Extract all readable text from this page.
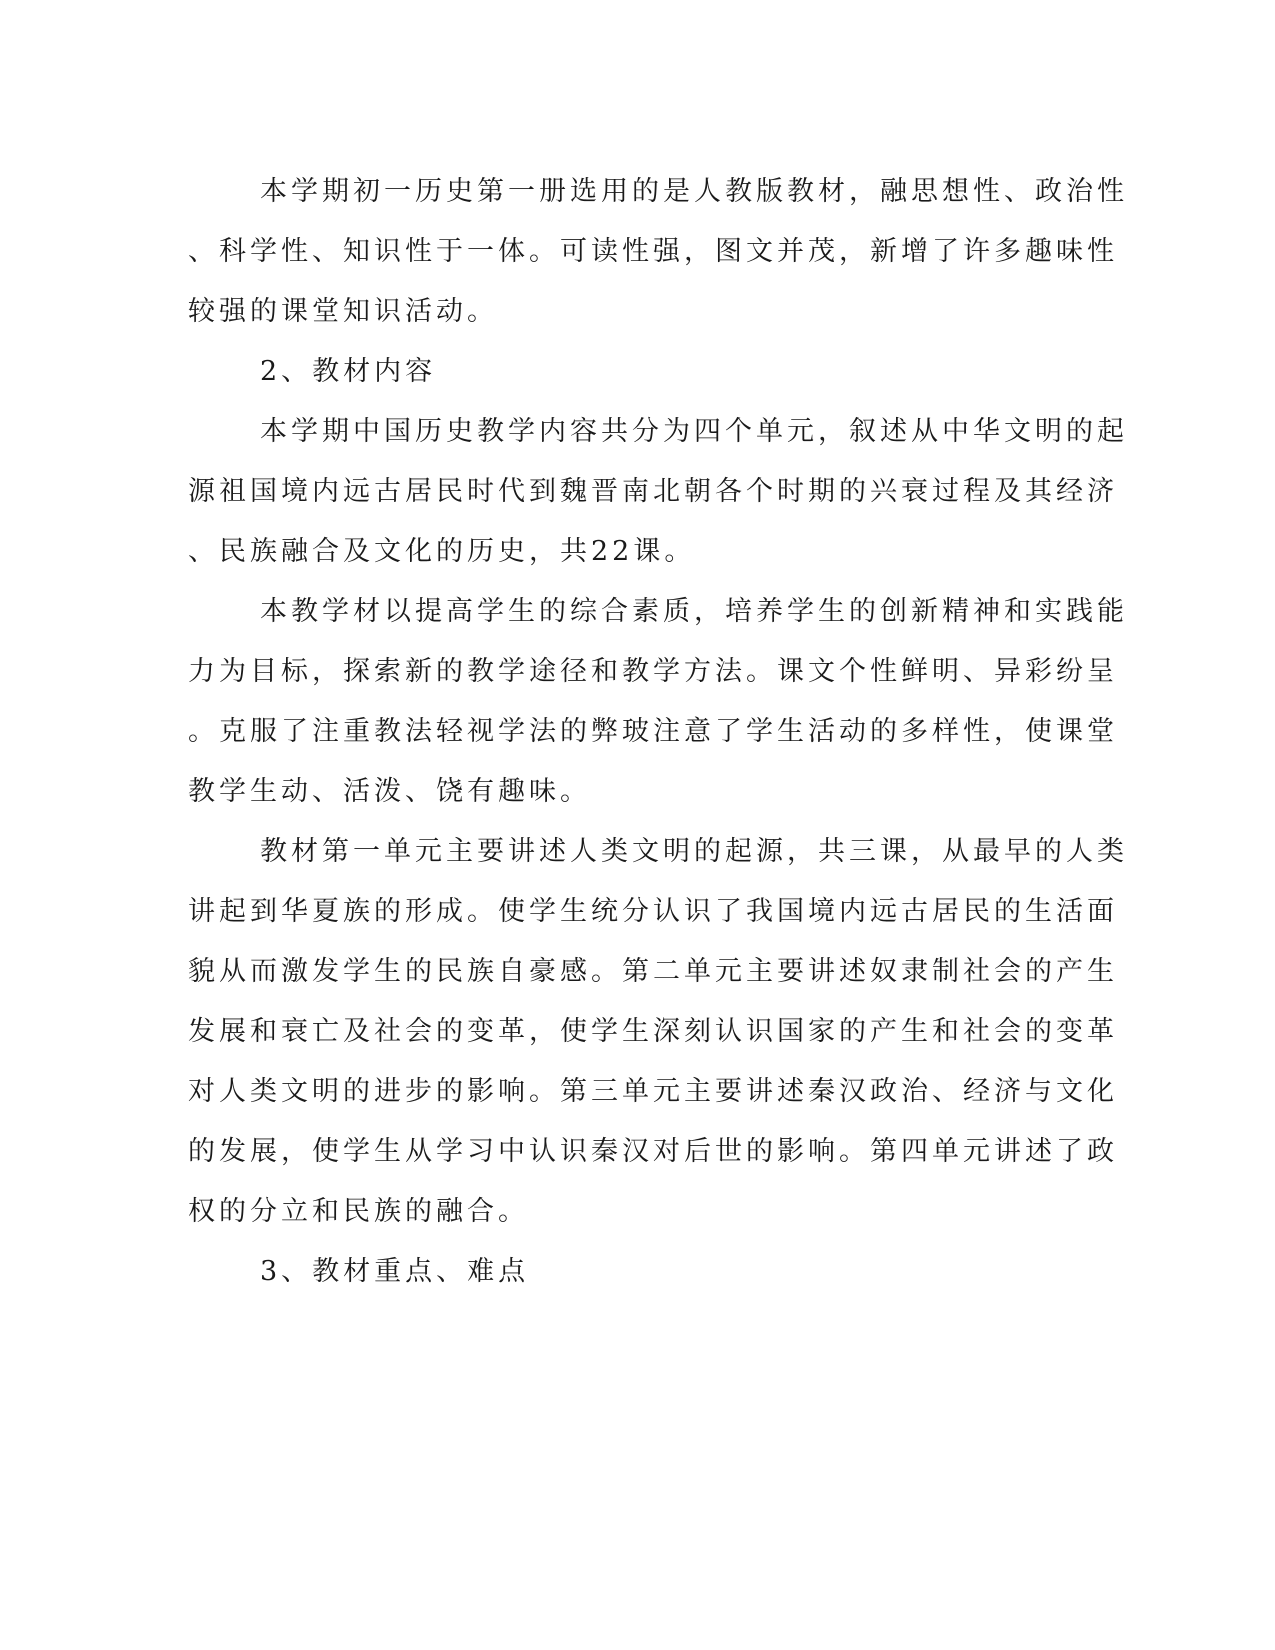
本学期初一历史第一册选用的是人教版教材，融思想性、政治性
、科学性、知识性于一体。可读性强，图文并茂，新增了许多趣味性
较强的课堂知识活动。
2、教材内容
本学期中国历史教学内容共分为四个单元，叙述从中华文明的起
源祖国境内远古居民时代到魏晋南北朝各个时期的兴衰过程及其经济
、民族融合及文化的历史，共22课。
本教学材以提高学生的综合素质，培养学生的创新精神和实践能
力为目标，探索新的教学途径和教学方法。课文个性鲜明、异彩纷呈
。克服了注重教法轻视学法的弊玻注意了学生活动的多样性，使课堂
教学生动、活泼、饶有趣味。
教材第一单元主要讲述人类文明的起源，共三课，从最早的人类
讲起到华夏族的形成。使学生统分认识了我国境内远古居民的生活面
貌从而激发学生的民族自豪感。第二单元主要讲述奴隶制社会的产生
发展和衰亡及社会的变革，使学生深刻认识国家的产生和社会的变革
对人类文明的进步的影响。第三单元主要讲述秦汉政治、经济与文化
的发展，使学生从学习中认识秦汉对后世的影响。第四单元讲述了政
权的分立和民族的融合。
3、教材重点、难点
